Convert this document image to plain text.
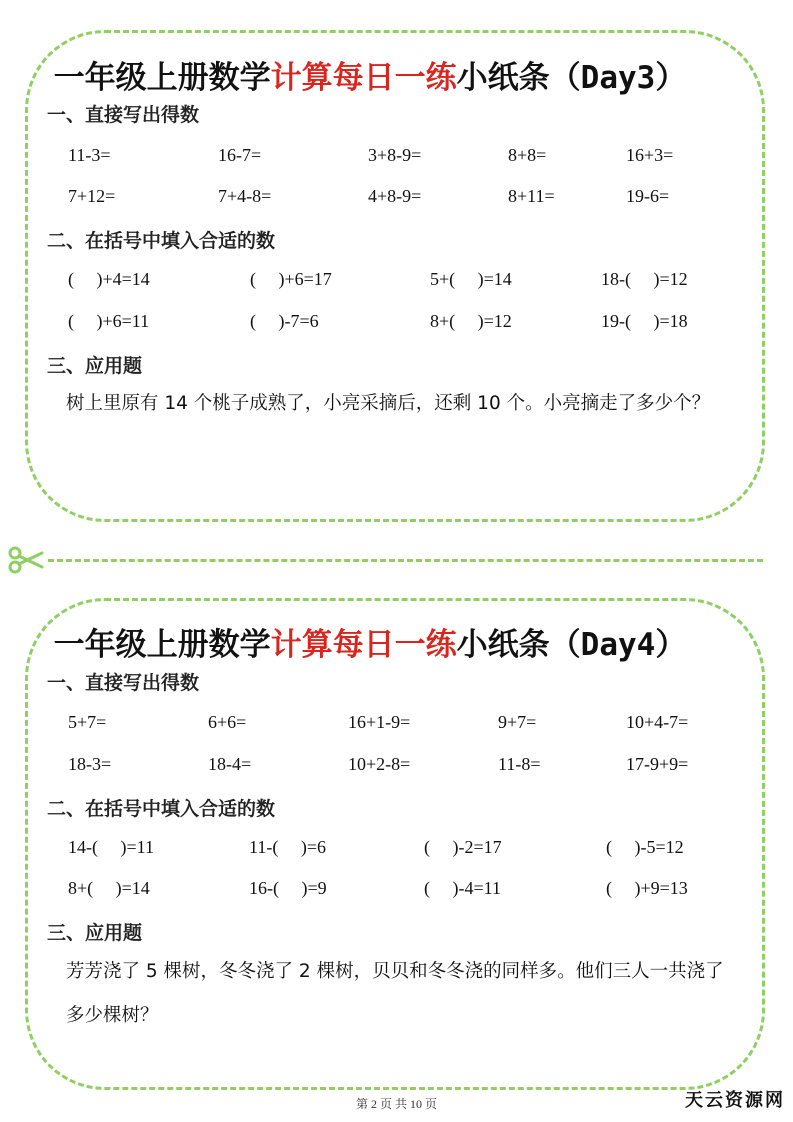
一年级上册数学计算每日一练小纸条（Day3）
一、直接写出得数
11-3=	16-7=	3+8-9=	8+8=	16+3=
7+12=	7+4-8=	4+8-9=	8+11=	19-6=
二、在括号中填入合适的数
(     )+4=14	(     )+6=17	5+(     )=14	18-(     )=12
(     )+6=11	(     )-7=6	8+(     )=12	19-(     )=18
三、应用题
树上里原有 14 个桃子成熟了，小亮采摘后，还剩 10 个。小亮摘走了多少个？
一年级上册数学计算每日一练小纸条（Day4）
一、直接写出得数
5+7=	6+6=	16+1-9=	9+7=	10+4-7=
18-3=	18-4=	10+2-8=	11-8=	17-9+9=
二、在括号中填入合适的数
14-(     )=11	11-(     )=6	(     )-2=17	(     )-5=12
8+(     )=14	16-(     )=9	(     )-4=11	(     )+9=13
三、应用题
芳芳浇了 5 棵树，冬冬浇了 2 棵树，贝贝和冬冬浇的同样多。他们三人一共浇了多少棵树？
第 2 页 共 10 页	天云资源网
